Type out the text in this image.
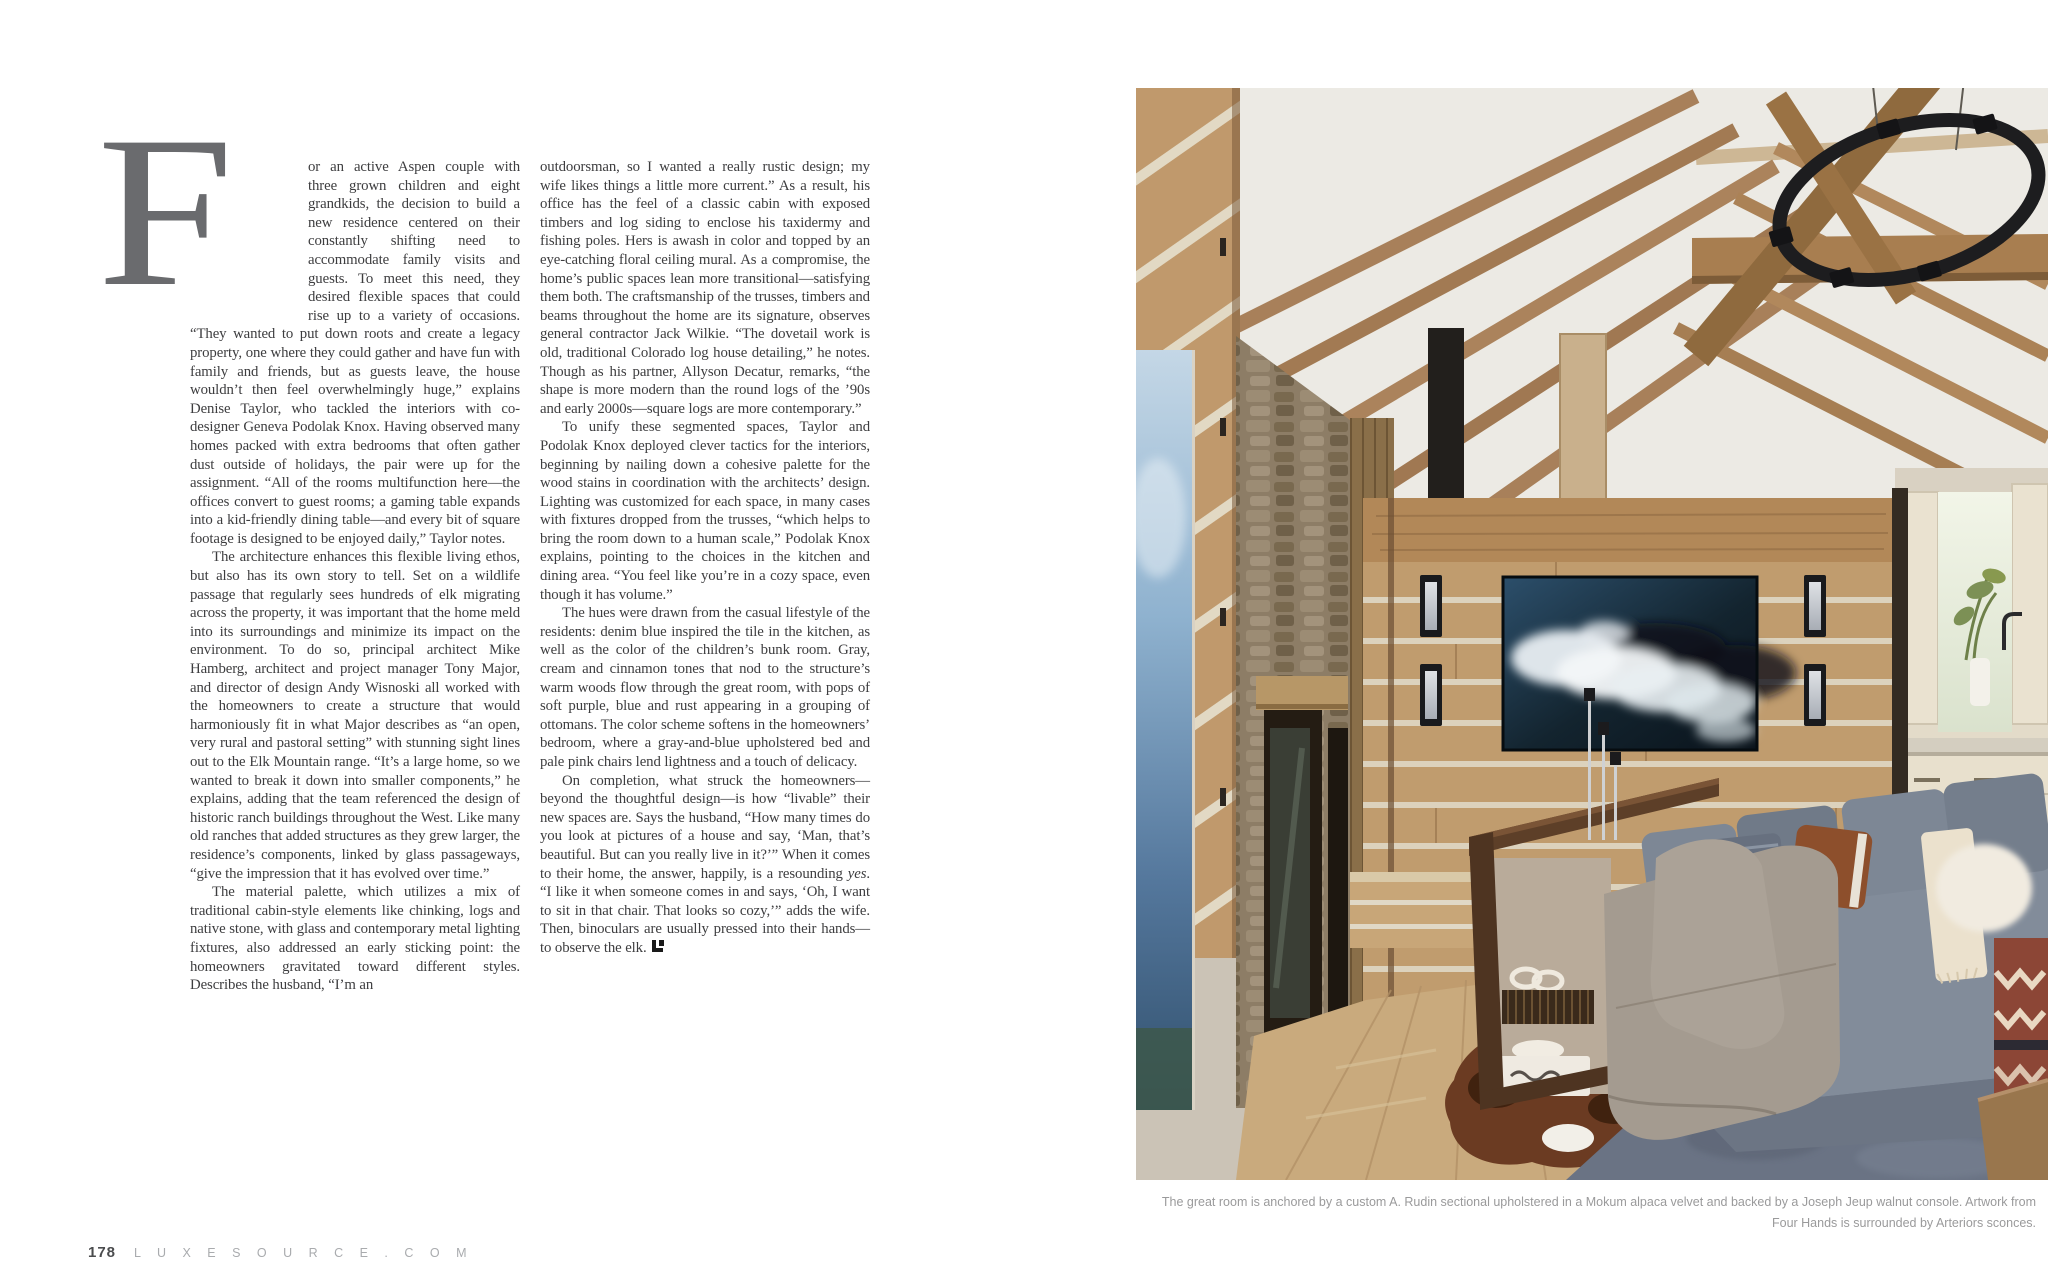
F	or an active Aspen couple with three grown children and eight grandkids, the decision to build a new residence centered on their constantly shifting need to accommodate family visits and guests. To meet this need, they desired flexible spaces that could rise up to a variety of occasions. “They wanted to put down roots and create a legacy property, one where they could gather and have fun with family and friends, but as guests leave, the house wouldn’t then feel overwhelmingly huge,” explains Denise Taylor, who tackled the interiors with co-designer Geneva Podolak Knox. Having observed many homes packed with extra bedrooms that often gather dust outside of holidays, the pair were up for the assignment. “All of the rooms multifunction here—the offices convert to guest rooms; a gaming table expands into a kid-friendly dining table—and every bit of square footage is designed to be enjoyed daily,” Taylor notes.

The architecture enhances this flexible living ethos, but also has its own story to tell. Set on a wildlife passage that regularly sees hundreds of elk migrating across the property, it was important that the home meld into its surroundings and minimize its impact on the environment. To do so, principal architect Mike Hamberg, architect and project manager Tony Major, and director of design Andy Wisnoski all worked with the homeowners to create a structure that would harmoniously fit in what Major describes as “an open, very rural and pastoral setting” with stunning sight lines out to the Elk Mountain range. “It’s a large home, so we wanted to break it down into smaller components,” he explains, adding that the team referenced the design of historic ranch buildings throughout the West. Like many old ranches that added structures as they grew larger, the residence’s components, linked by glass passageways, “give the impression that it has evolved over time.”

The material palette, which utilizes a mix of traditional cabin-style elements like chinking, logs and native stone, with glass and contemporary metal lighting fixtures, also addressed an early sticking point: the homeowners gravitated toward different styles. Describes the husband, “I’m an

outdoorsman, so I wanted a really rustic design; my wife likes things a little more current.” As a result, his office has the feel of a classic cabin with exposed timbers and log siding to enclose his taxidermy and fishing poles. Hers is awash in color and topped by an eye-catching floral ceiling mural. As a compromise, the home’s public spaces lean more transitional—satisfying them both. The craftsmanship of the trusses, timbers and beams throughout the home are its signature, observes general contractor Jack Wilkie. “The dovetail work is old, traditional Colorado log house detailing,” he notes. Though as his partner, Allyson Decatur, remarks, “the shape is more modern than the round logs of the ’90s and early 2000s—square logs are more contemporary.”

To unify these segmented spaces, Taylor and Podolak Knox deployed clever tactics for the interiors, beginning by nailing down a cohesive palette for the wood stains in coordination with the architects’ design. Lighting was customized for each space, in many cases with fixtures dropped from the trusses, “which helps to bring the room down to a human scale,” Podolak Knox explains, pointing to the choices in the kitchen and dining area. “You feel like you’re in a cozy space, even though it has volume.”

The hues were drawn from the casual lifestyle of the residents: denim blue inspired the tile in the kitchen, as well as the color of the children’s bunk room. Gray, cream and cinnamon tones that nod to the structure’s warm woods flow through the great room, with pops of soft purple, blue and rust appearing in a grouping of ottomans. The color scheme softens in the homeowners’ bedroom, where a gray-and-blue upholstered bed and pale pink chairs lend lightness and a touch of delicacy.

On completion, what struck the homeowners—beyond the thoughtful design—is how “livable” their new spaces are. Says the husband, “How many times do you look at pictures of a house and say, ‘Man, that’s beautiful. But can you really live in it?’” When it comes to their home, the answer, happily, is a resounding yes. “I like it when someone comes in and says, ‘Oh, I want to sit in that chair. That looks so cozy,’” adds the wife. Then, binoculars are usually pressed into their hands—to observe the elk.

The great room is anchored by a custom A. Rudin sectional upholstered in a Mokum alpaca velvet and backed by a Joseph Jeup walnut console. Artwork from Four Hands is surrounded by Arteriors sconces.
178 L U X E S O U R C E . C O M
